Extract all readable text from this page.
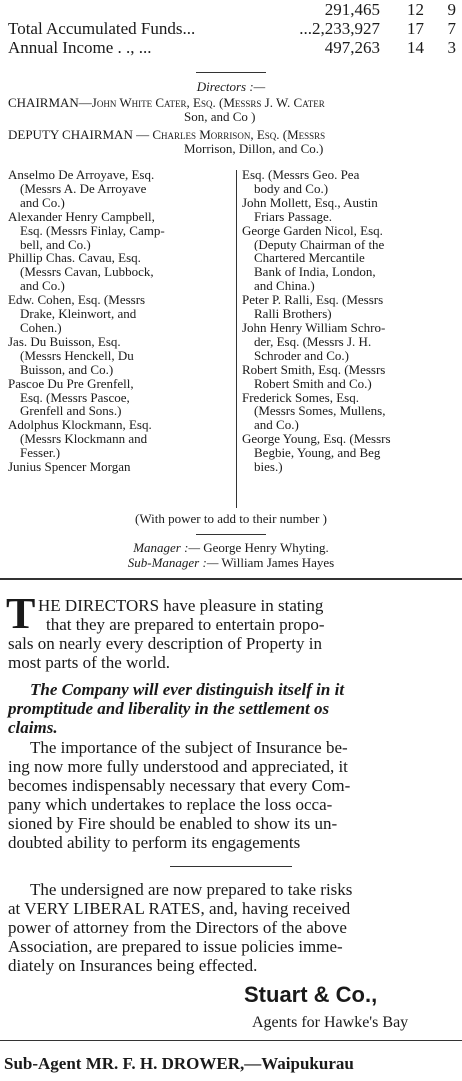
291,465	12	9
Total Accumulated Funds...	...2,233,927	17	7
Annual Income . ., ...	497,263	14	3
Directors :—
CHAIRMAN—John White Cater, Esq. (Messrs J. W. Cater
Son, and Co )
DEPUTY CHAIRMAN — Charles Morrison, Esq. (Messrs
Morrison, Dillon, and Co.)
Anselmo De Arroyave, Esq.
(Messrs A. De Arroyave
and Co.)
Alexander Henry Campbell,
Esq. (Messrs Finlay, Camp-
bell, and Co.)
Phillip Chas. Cavau, Esq.
(Messrs Cavan, Lubbock,
and Co.)
Edw. Cohen, Esq. (Messrs
Drake, Kleinwort, and
Cohen.)
Jas. Du Buisson, Esq.
(Messrs Henckell, Du
Buisson, and Co.)
Pascoe Du Pre Grenfell,
Esq. (Messrs Pascoe,
Grenfell and Sons.)
Adolphus Klockmann, Esq.
(Messrs Klockmann and
Fesser.)
Junius Spencer Morgan
Esq. (Messrs Geo. Pea
body and Co.)
John Mollett, Esq., Austin
Friars Passage.
George Garden Nicol, Esq.
(Deputy Chairman of the
Chartered Mercantile
Bank of India, London,
and China.)
Peter P. Ralli, Esq. (Messrs
Ralli Brothers)
John Henry William Schro-
der, Esq. (Messrs J. H.
Schroder and Co.)
Robert Smith, Esq. (Messrs
Robert Smith and Co.)
Frederick Somes, Esq.
(Messrs Somes, Mullens,
and Co.)
George Young, Esq. (Messrs
Begbie, Young, and Beg
bies.)
(With power to add to their number )
Manager :— George Henry Whyting.
Sub-Manager :— William James Hayes
T HE DIRECTORS have pleasure in stating
that they are prepared to entertain propo-
sals on nearly every description of Property in
most parts of the world.
The Company will ever distinguish itself in it
promptitude and liberality in the settlement os
claims.
The importance of the subject of Insurance be-
ing now more fully understood and appreciated, it
becomes indispensably necessary that every Com-
pany which undertakes to replace the loss occa-
sioned by Fire should be enabled to show its un-
doubted ability to perform its engagements
The undersigned are now prepared to take risks
at VERY LIBERAL RATES, and, having received
power of attorney from the Directors of the above
Association, are prepared to issue policies imme-
diately on Insurances being effected.
Stuart & Co.,
Agents for Hawke's Bay
Sub-Agent MR. F. H. DROWER,—Waipukurau
